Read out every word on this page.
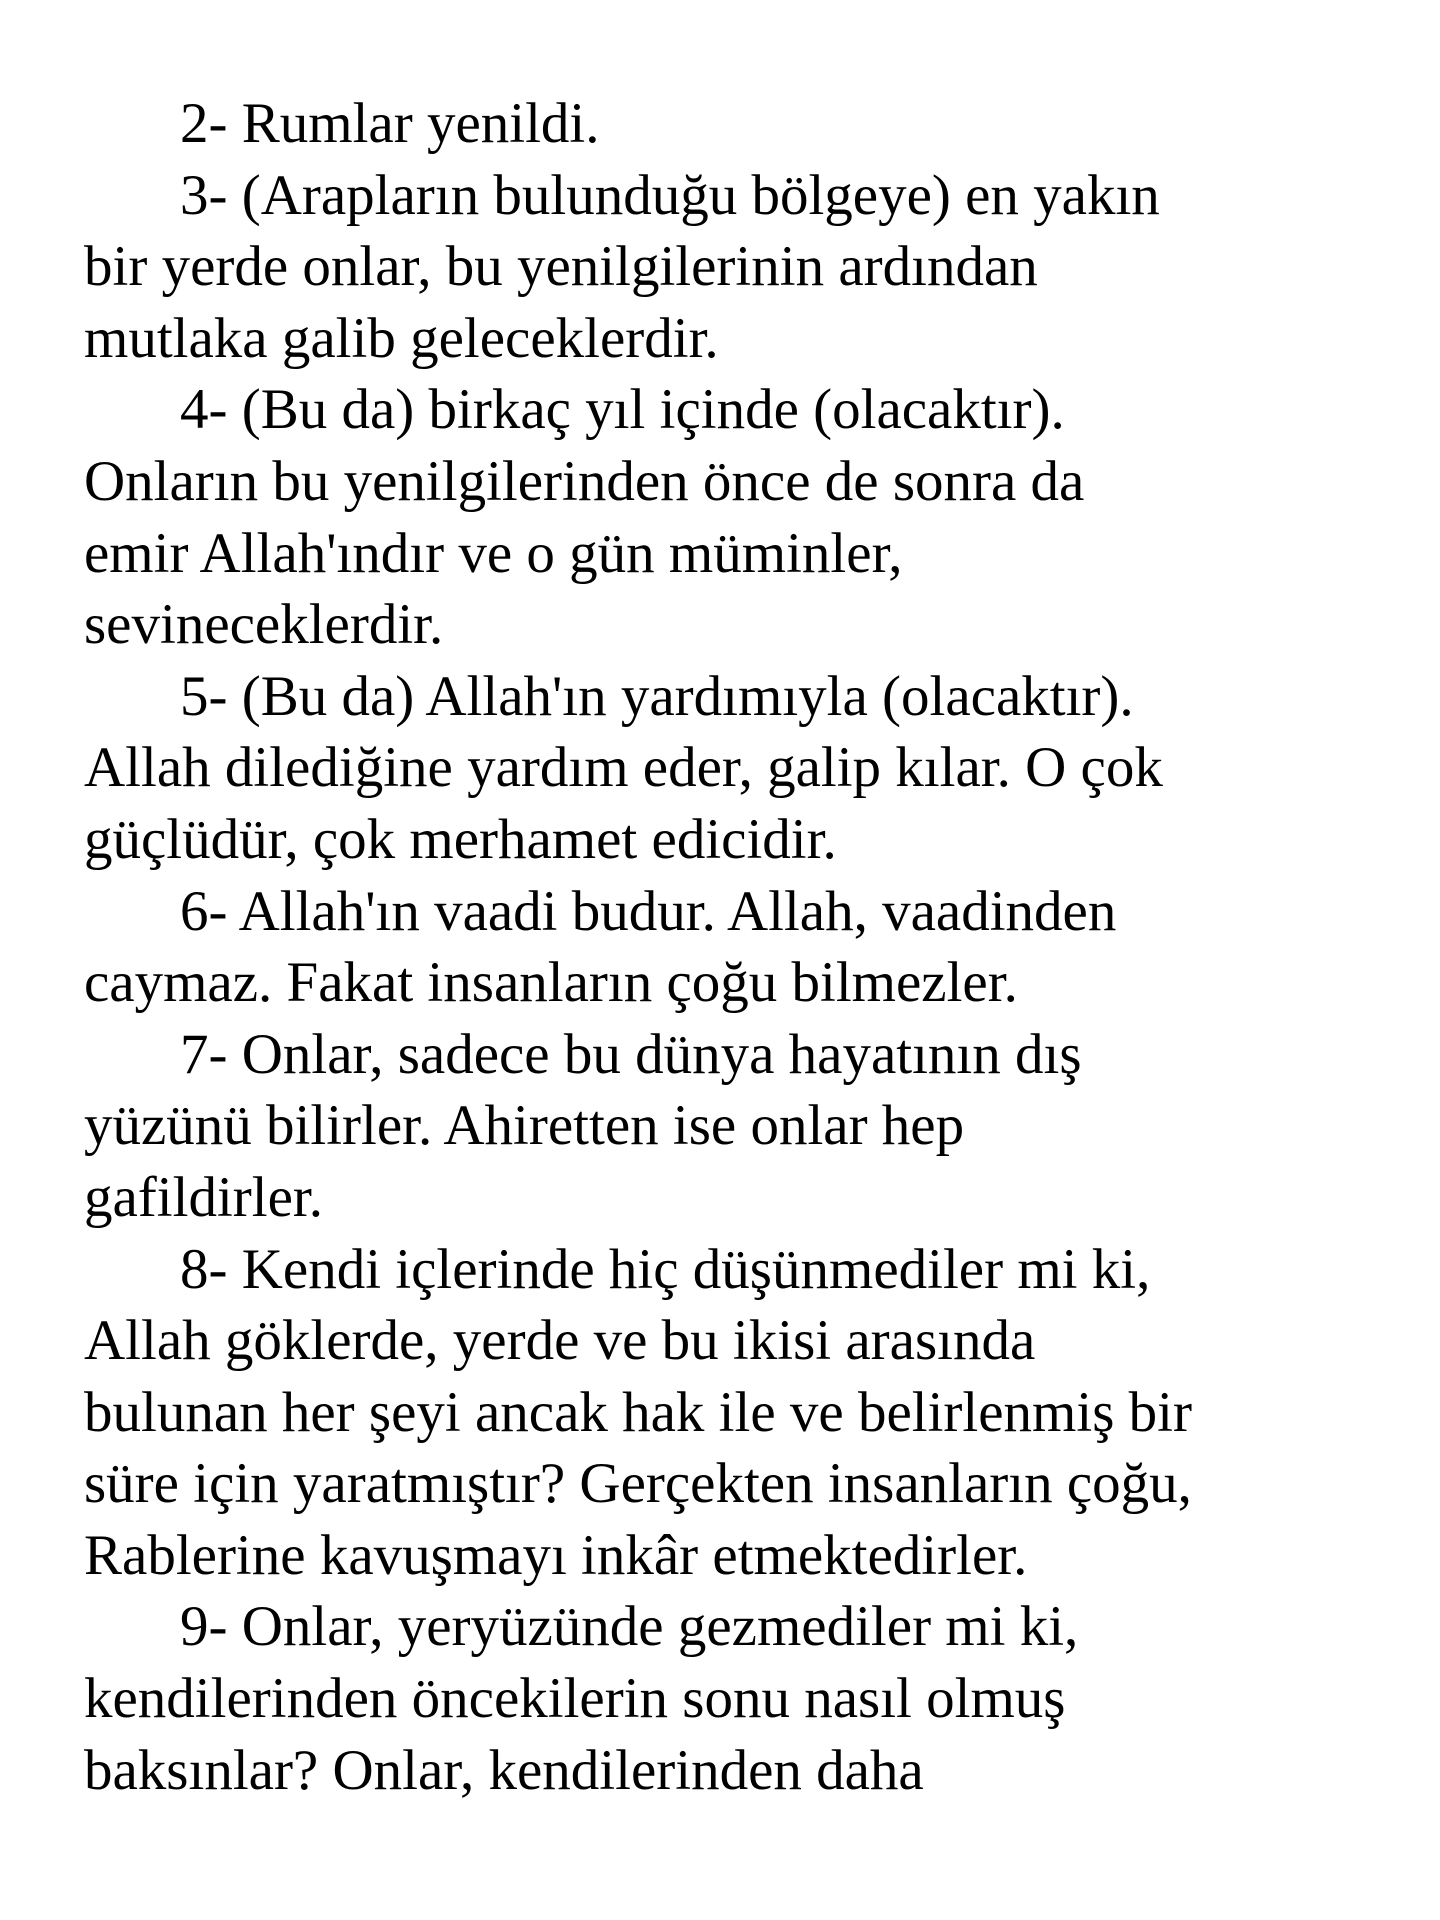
2- Rumlar yenildi.
3- (Arapların bulunduğu bölgeye) en yakın
bir yerde onlar, bu yenilgilerinin ardından
mutlaka galib geleceklerdir.
4- (Bu da) birkaç yıl içinde (olacaktır).
Onların bu yenilgilerinden önce de sonra da
emir Allah'ındır ve o gün müminler,
sevineceklerdir.
5- (Bu da) Allah'ın yardımıyla (olacaktır).
Allah dilediğine yardım eder, galip kılar. O çok
güçlüdür, çok merhamet edicidir.
6- Allah'ın vaadi budur. Allah, vaadinden
caymaz. Fakat insanların çoğu bilmezler.
7- Onlar, sadece bu dünya hayatının dış
yüzünü bilirler. Ahiretten ise onlar hep
gafildirler.
8- Kendi içlerinde hiç düşünmediler mi ki,
Allah göklerde, yerde ve bu ikisi arasında
bulunan her şeyi ancak hak ile ve belirlenmiş bir
süre için yaratmıştır? Gerçekten insanların çoğu,
Rablerine kavuşmayı inkâr etmektedirler.
9- Onlar, yeryüzünde gezmediler mi ki,
kendilerinden öncekilerin sonu nasıl olmuş
baksınlar? Onlar, kendilerinden daha
